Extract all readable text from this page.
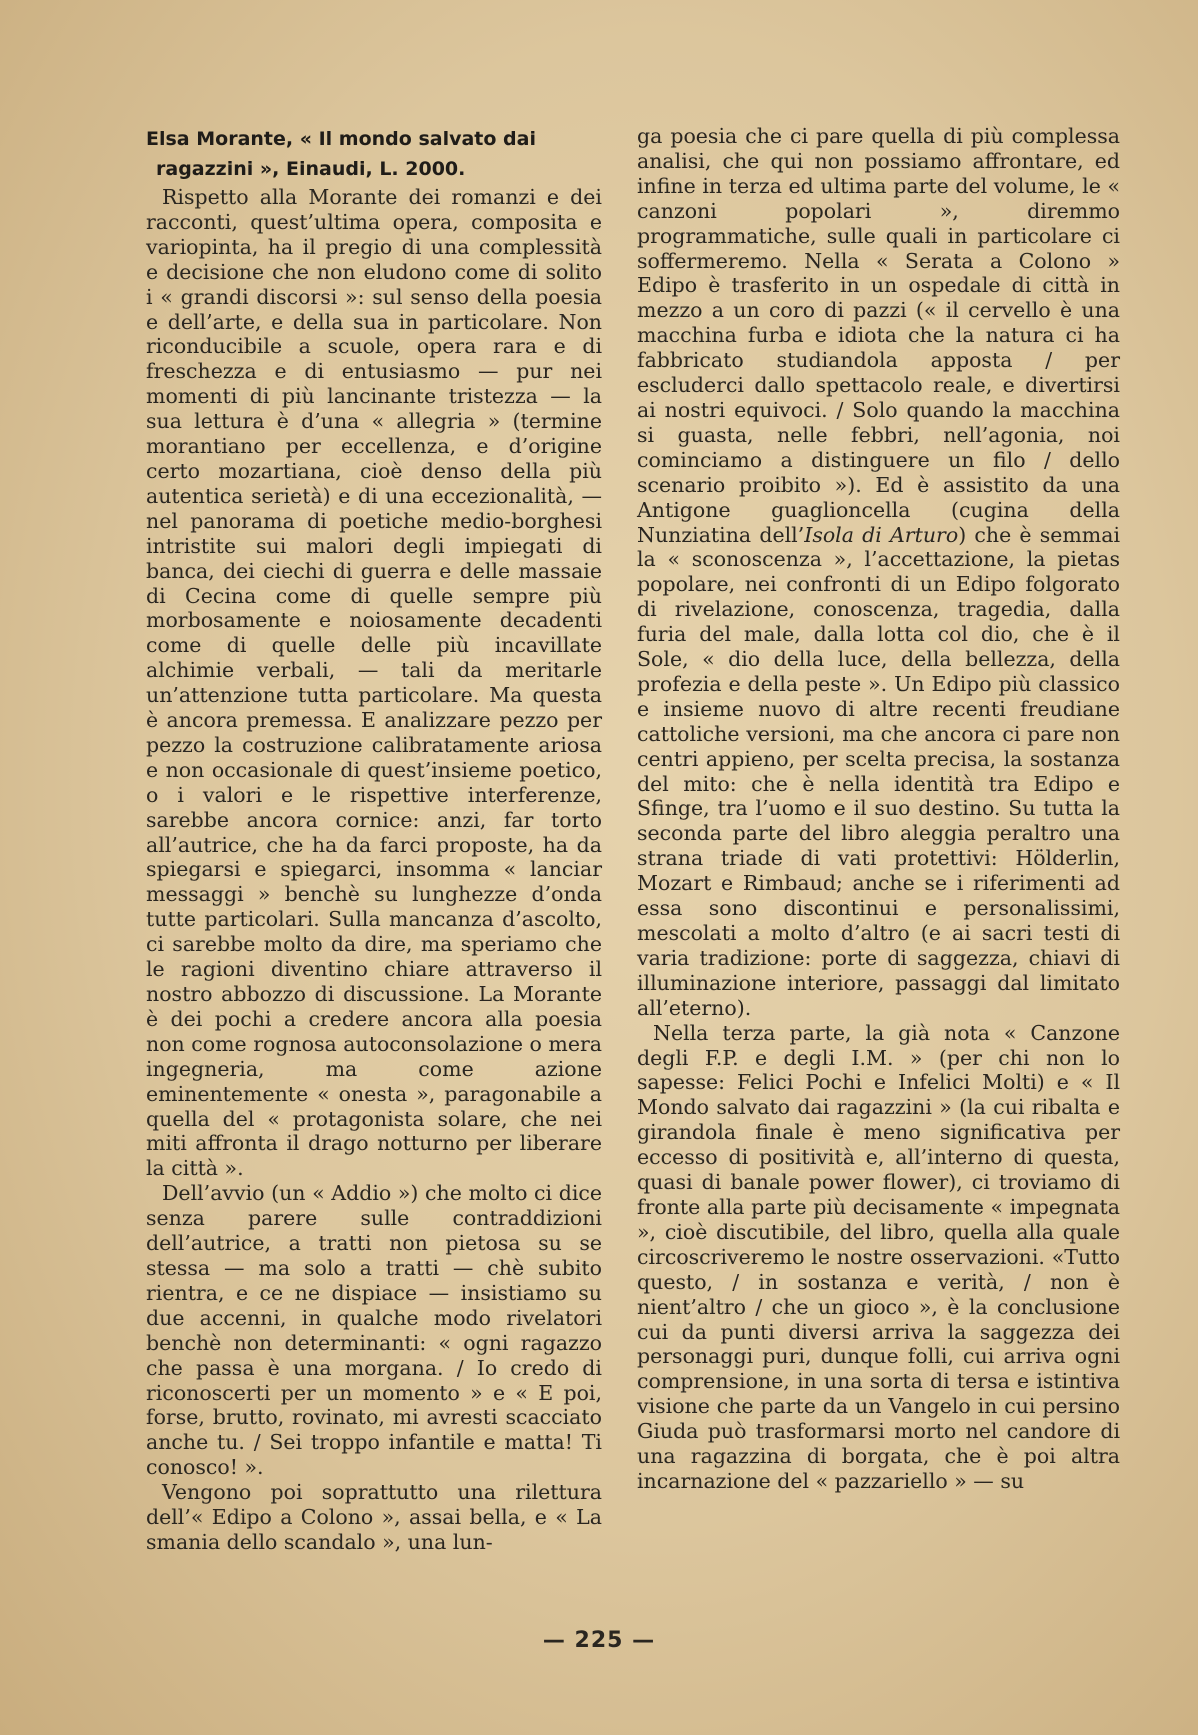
Elsa Morante, « Il mondo salvato dai
ragazzini », Einaudi, L. 2000.

Rispetto alla Morante dei romanzi e dei racconti, quest’ultima opera, composita e variopinta, ha il pregio di una complessità e decisione che non eludono come di solito i « grandi discorsi »: sul senso della poesia e dell’arte, e della sua in particolare. Non riconducibile a scuole, opera rara e di freschezza e di entusiasmo — pur nei momenti di più lancinante tristezza — la sua lettura è d’una « allegria » (termine morantiano per eccellenza, e d’origine certo mozartiana, cioè denso della più autentica serietà) e di una eccezionalità, — nel panorama di poetiche medio-borghesi intristite sui malori degli impiegati di banca, dei ciechi di guerra e delle massaie di Cecina come di quelle sempre più morbosamente e noiosamente decadenti come di quelle delle più incavillate alchimie verbali, — tali da meritarle un’attenzione tutta particolare. Ma questa è ancora premessa. E analizzare pezzo per pezzo la costruzione calibratamente ariosa e non occasionale di quest’insieme poetico, o i valori e le rispettive interferenze, sarebbe ancora cornice: anzi, far torto all’autrice, che ha da farci proposte, ha da spiegarsi e spiegarci, insomma « lanciar messaggi » benchè su lunghezze d’onda tutte particolari. Sulla mancanza d’ascolto, ci sarebbe molto da dire, ma speriamo che le ragioni diventino chiare attraverso il nostro abbozzo di discussione. La Morante è dei pochi a credere ancora alla poesia non come rognosa autoconsolazione o mera ingegneria, ma come azione eminentemente « onesta », paragonabile a quella del « protagonista solare, che nei miti affronta il drago notturno per liberare la città ».

Dell’avvio (un « Addio ») che molto ci dice senza parere sulle contraddizioni dell’autrice, a tratti non pietosa su se stessa — ma solo a tratti — chè subito rientra, e ce ne dispiace — insistiamo su due accenni, in qualche modo rivelatori benchè non determinanti: « ogni ragazzo che passa è una morgana. / Io credo di riconoscerti per un momento » e « E poi, forse, brutto, rovinato, mi avresti scacciato anche tu. / Sei troppo infantile e matta! Ti conosco! ».

Vengono poi soprattutto una rilettura dell’« Edipo a Colono », assai bella, e « La smania dello scandalo », una lun-

ga poesia che ci pare quella di più complessa analisi, che qui non possiamo affrontare, ed infine in terza ed ultima parte del volume, le « canzoni popolari », diremmo programmatiche, sulle quali in particolare ci soffermeremo. Nella « Serata a Colono » Edipo è trasferito in un ospedale di città in mezzo a un coro di pazzi (« il cervello è una macchina furba e idiota che la natura ci ha fabbricato studiandola apposta / per escluderci dallo spettacolo reale, e divertirsi ai nostri equivoci. / Solo quando la macchina si guasta, nelle febbri, nell’agonia, noi cominciamo a distinguere un filo / dello scenario proibito »). Ed è assistito da una Antigone guaglioncella (cugina della Nunziatina dell’Isola di Arturo) che è semmai la « sconoscenza », l’accettazione, la pietas popolare, nei confronti di un Edipo folgorato di rivelazione, conoscenza, tragedia, dalla furia del male, dalla lotta col dio, che è il Sole, « dio della luce, della bellezza, della profezia e della peste ». Un Edipo più classico e insieme nuovo di altre recenti freudiane cattoliche versioni, ma che ancora ci pare non centri appieno, per scelta precisa, la sostanza del mito: che è nella identità tra Edipo e Sfinge, tra l’uomo e il suo destino. Su tutta la seconda parte del libro aleggia peraltro una strana triade di vati protettivi: Hölderlin, Mozart e Rimbaud; anche se i riferimenti ad essa sono discontinui e personalissimi, mescolati a molto d’altro (e ai sacri testi di varia tradizione: porte di saggezza, chiavi di illuminazione interiore, passaggi dal limitato all’eterno).

Nella terza parte, la già nota « Canzone degli F.P. e degli I.M. » (per chi non lo sapesse: Felici Pochi e Infelici Molti) e « Il Mondo salvato dai ragazzini » (la cui ribalta e girandola finale è meno significativa per eccesso di positività e, all’interno di questa, quasi di banale power flower), ci troviamo di fronte alla parte più decisamente « impegnata », cioè discutibile, del libro, quella alla quale circoscriveremo le nostre osservazioni. «Tutto questo, / in sostanza e verità, / non è nient’altro / che un gioco », è la conclusione cui da punti diversi arriva la saggezza dei personaggi puri, dunque folli, cui arriva ogni comprensione, in una sorta di tersa e istintiva visione che parte da un Vangelo in cui persino Giuda può trasformarsi morto nel candore di una ragazzina di borgata, che è poi altra incarnazione del « pazzariello » — su

— 225 —
